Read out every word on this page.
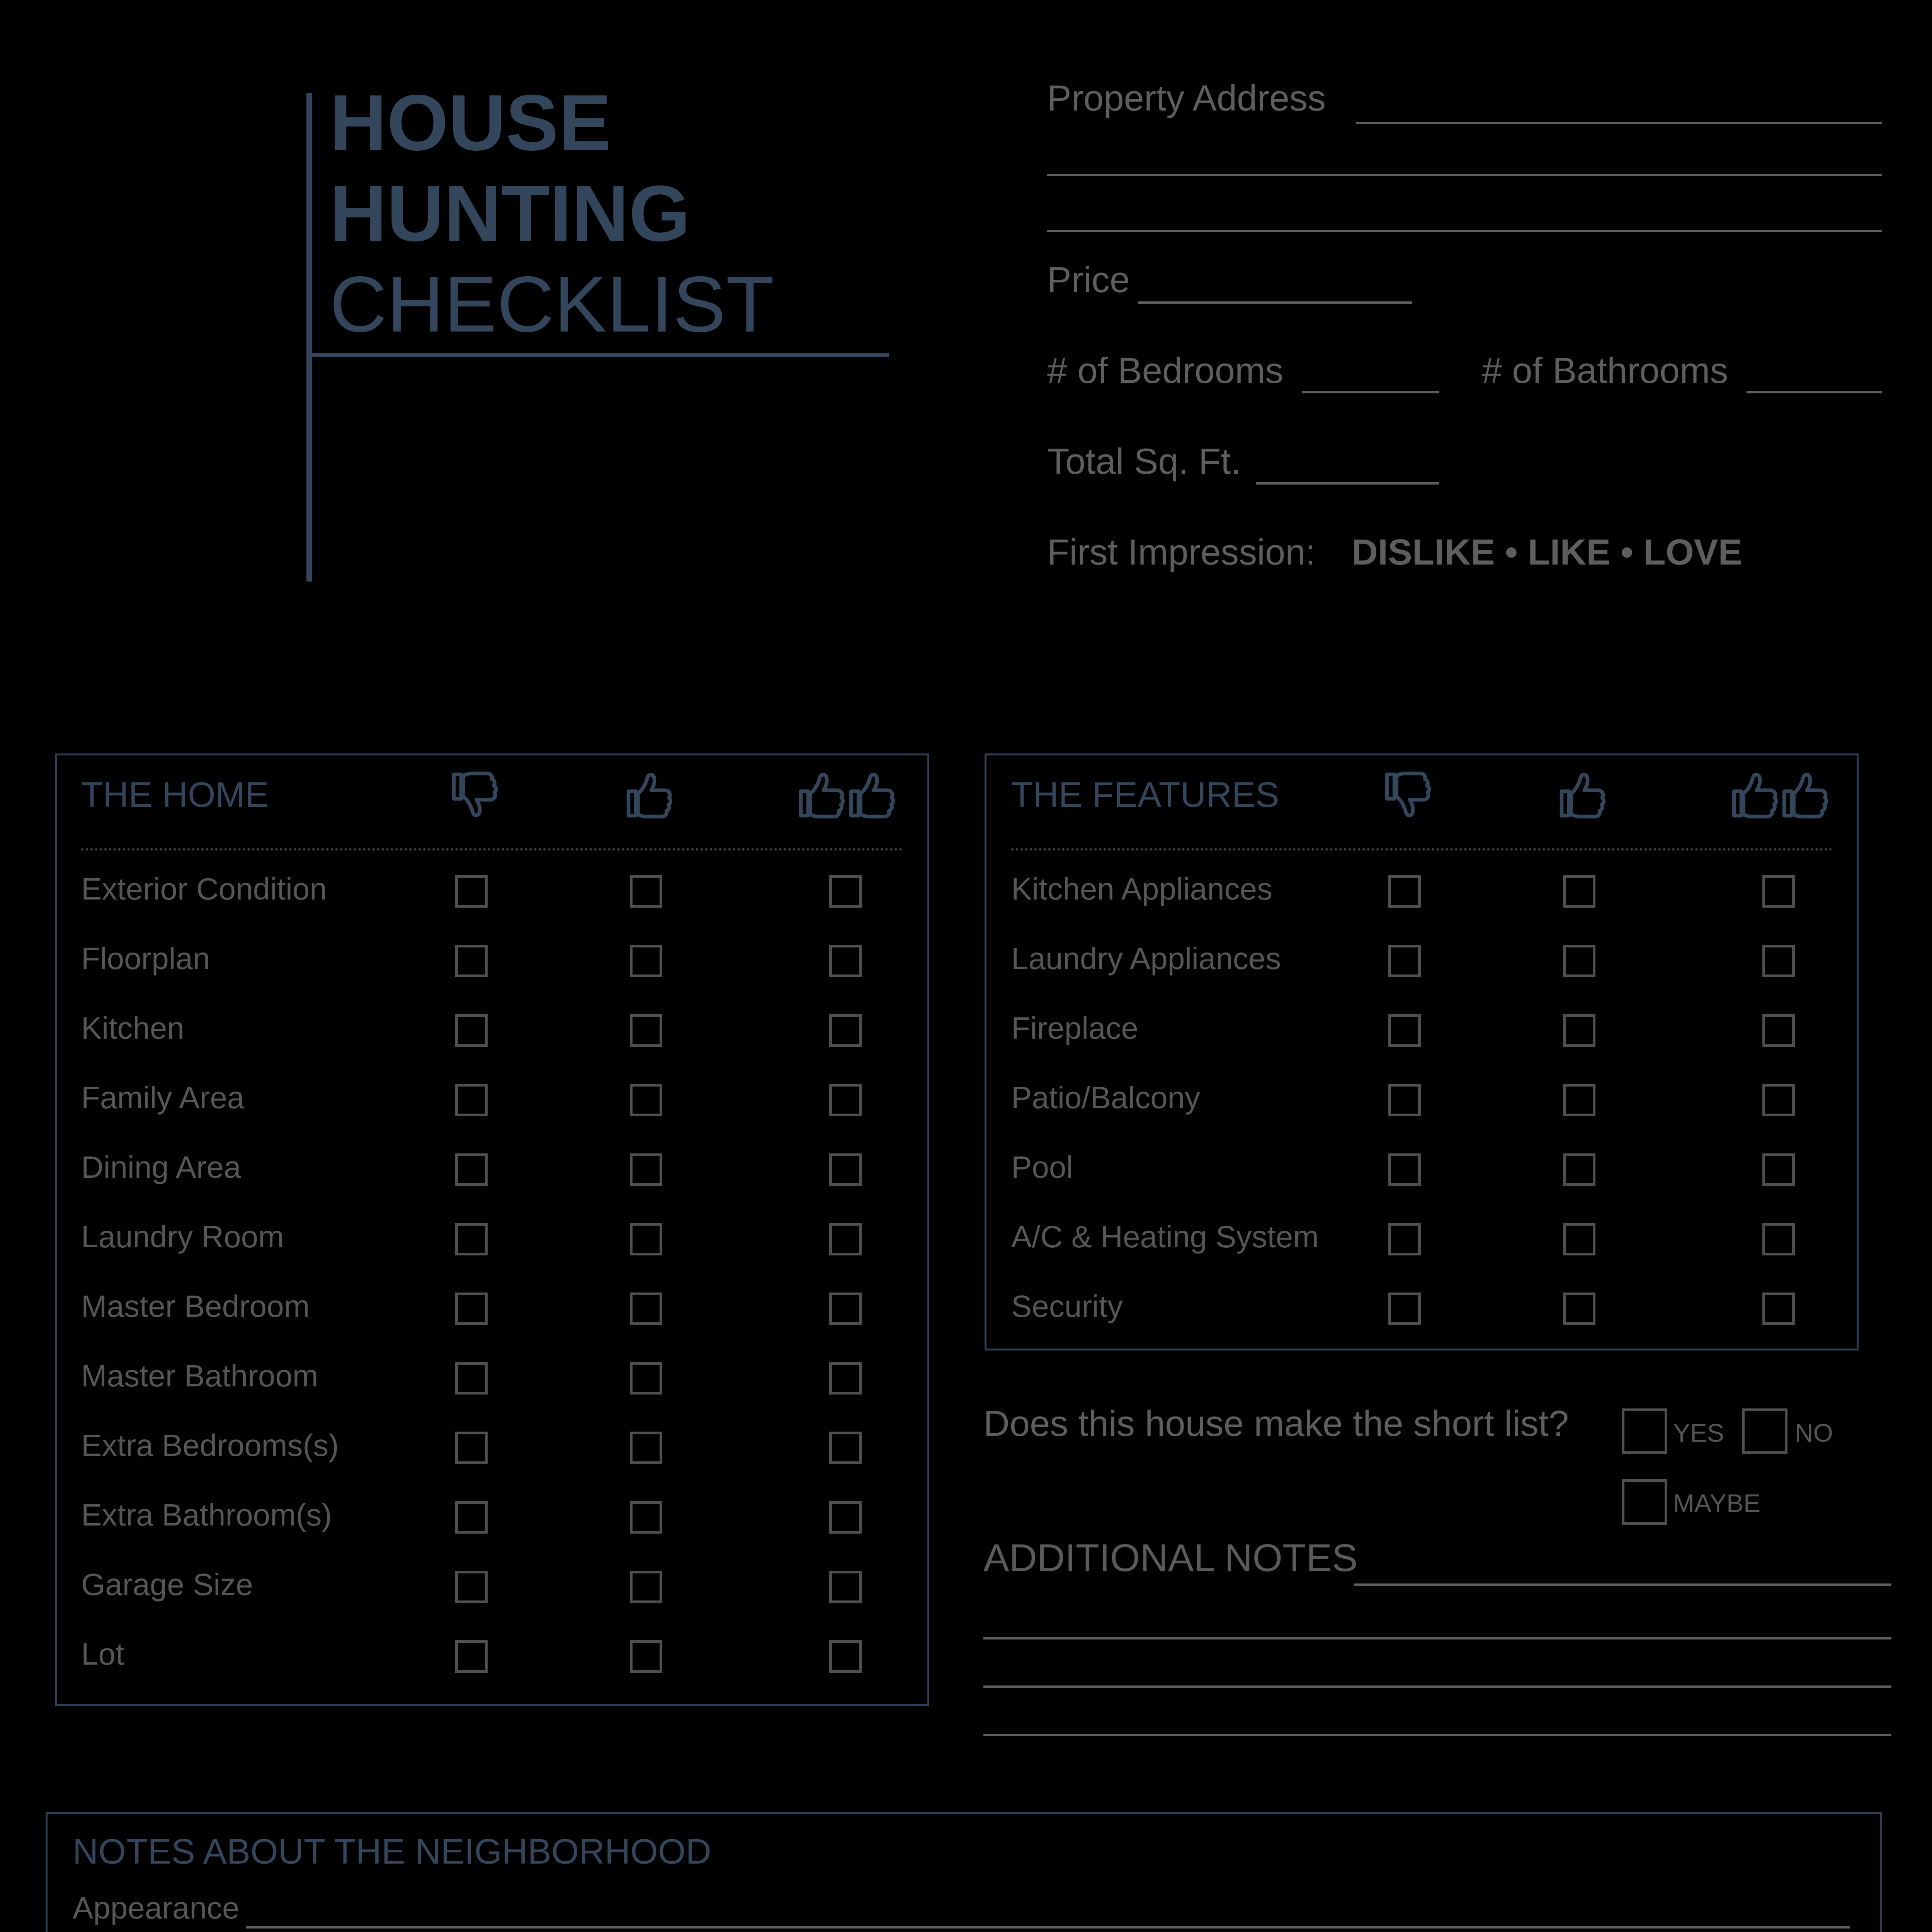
HOUSE
HUNTING
CHECKLIST
Property Address
Price
# of Bedrooms	# of Bathrooms
Total Sq. Ft.
First Impression: DISLIKE • LIKE • LOVE
THE HOME
Exterior Condition
Floorplan
Kitchen
Family Area
Dining Area
Laundry Room
Master Bedroom
Master Bathroom
Extra Bedrooms(s)
Extra Bathroom(s)
Garage Size
Lot
THE FEATURES
Kitchen Appliances
Laundry Appliances
Fireplace
Patio/Balcony
Pool
A/C & Heating System
Security
Does this house make the short list?	YES	NO
MAYBE
ADDITIONAL NOTES
NOTES ABOUT THE NEIGHBORHOOD
Appearance
